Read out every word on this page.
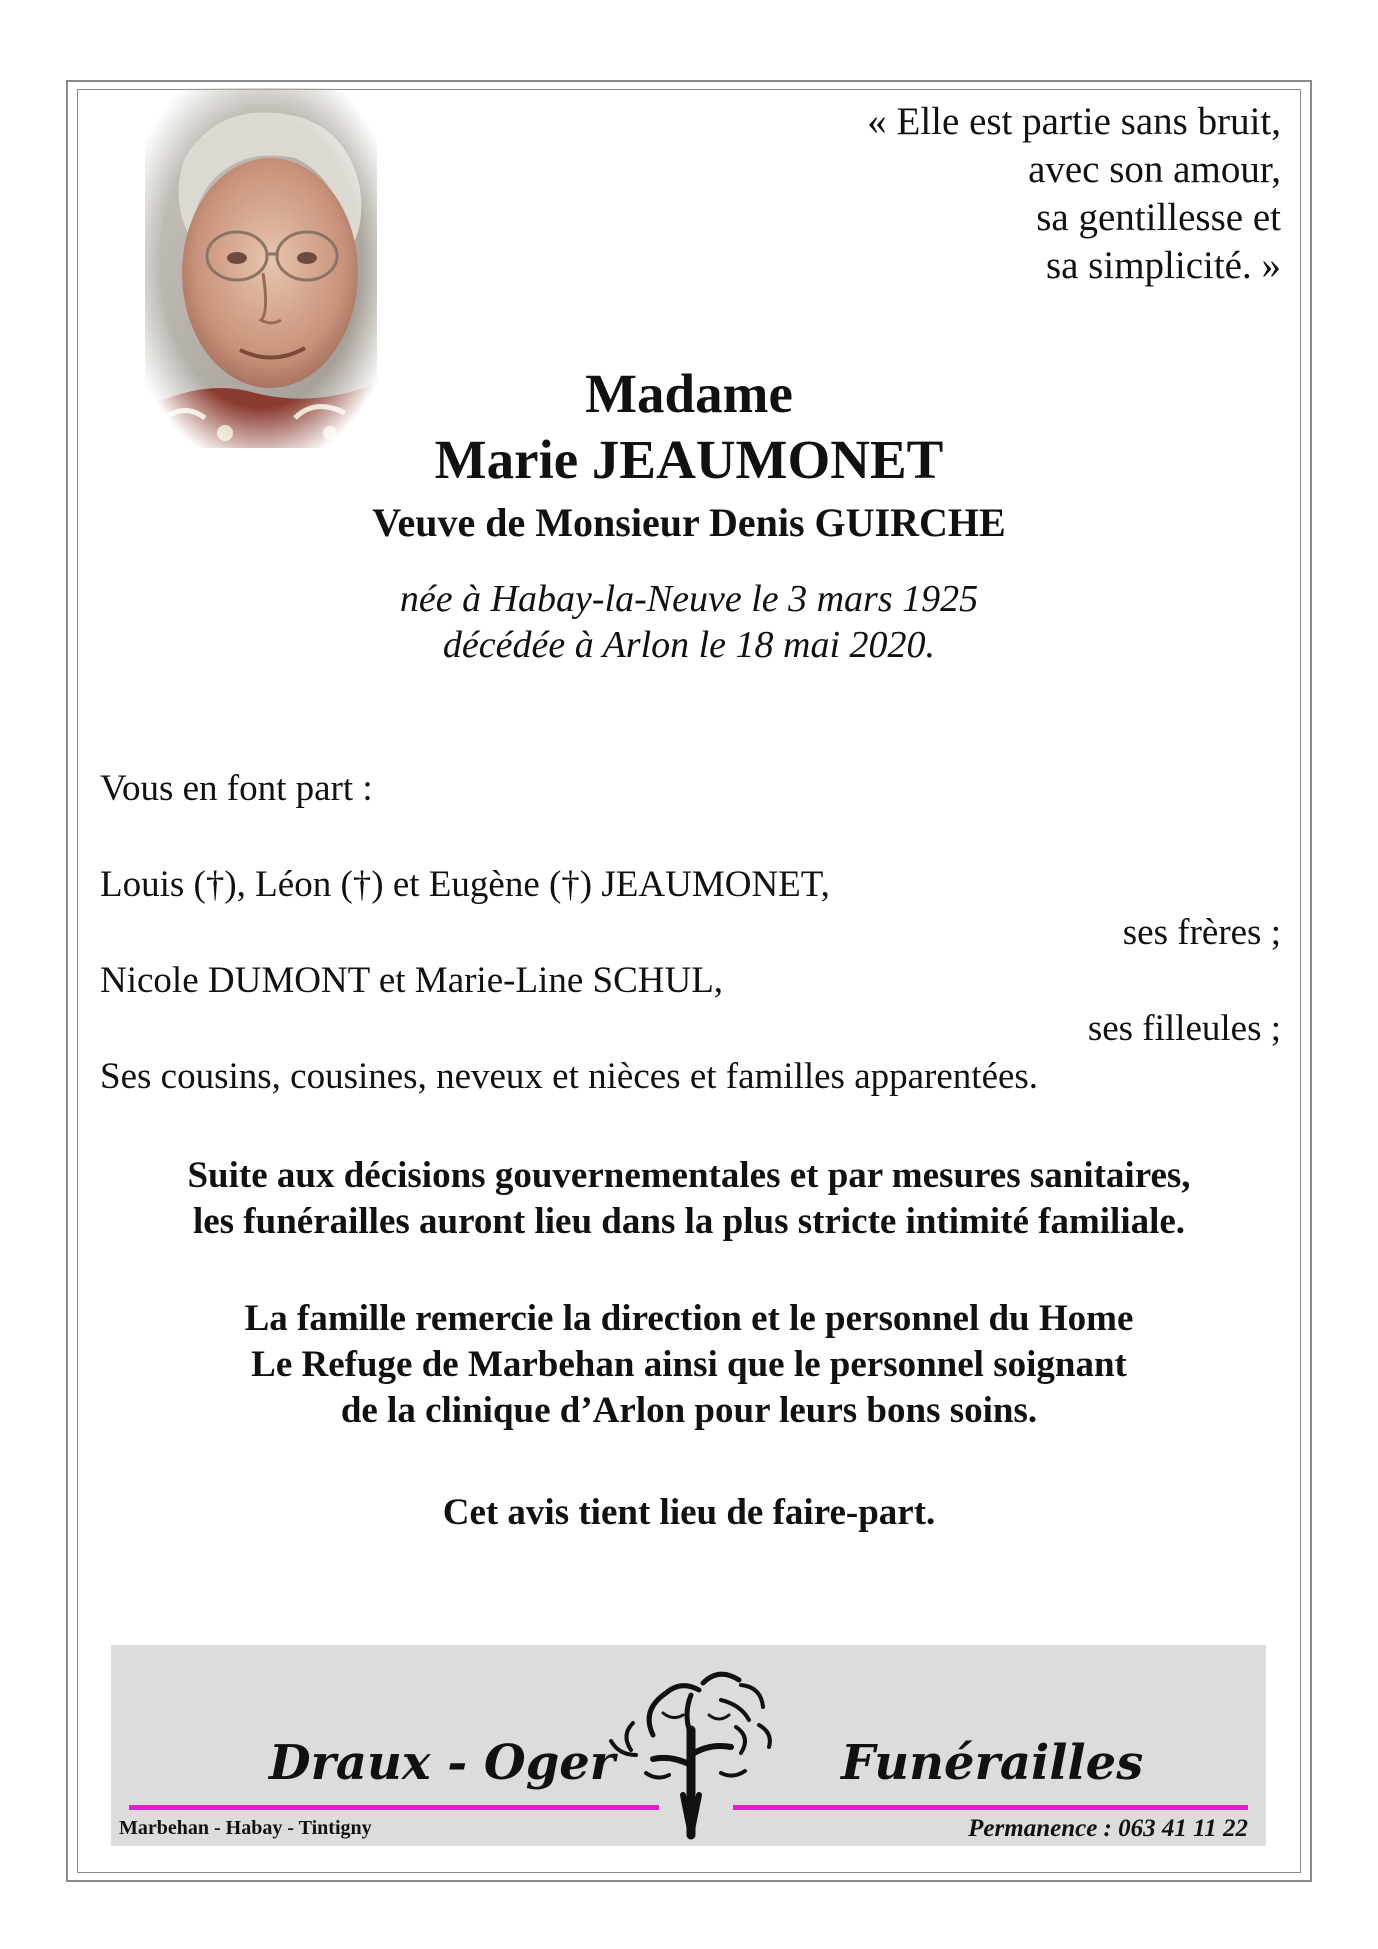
« Elle est partie sans bruit,
avec son amour,
sa gentillesse et
sa simplicité. »
Madame
Marie JEAUMONET
Veuve de Monsieur Denis GUIRCHE
née à Habay-la-Neuve le 3 mars 1925
décédée à Arlon le 18 mai 2020.
Vous en font part :
Louis (†), Léon (†) et Eugène (†) JEAUMONET,
ses frères ;
Nicole DUMONT et Marie-Line SCHUL,
ses filleules ;
Ses cousins, cousines, neveux et nièces et familles apparentées.
Suite aux décisions gouvernementales et par mesures sanitaires,
les funérailles auront lieu dans la plus stricte intimité familiale.
La famille remercie la direction et le personnel du Home
Le Refuge de Marbehan ainsi que le personnel soignant
de la clinique d’Arlon pour leurs bons soins.
Cet avis tient lieu de faire-part.
Draux - Oger	Funérailles
Marbehan - Habay - Tintigny	Permanence : 063 41 11 22
